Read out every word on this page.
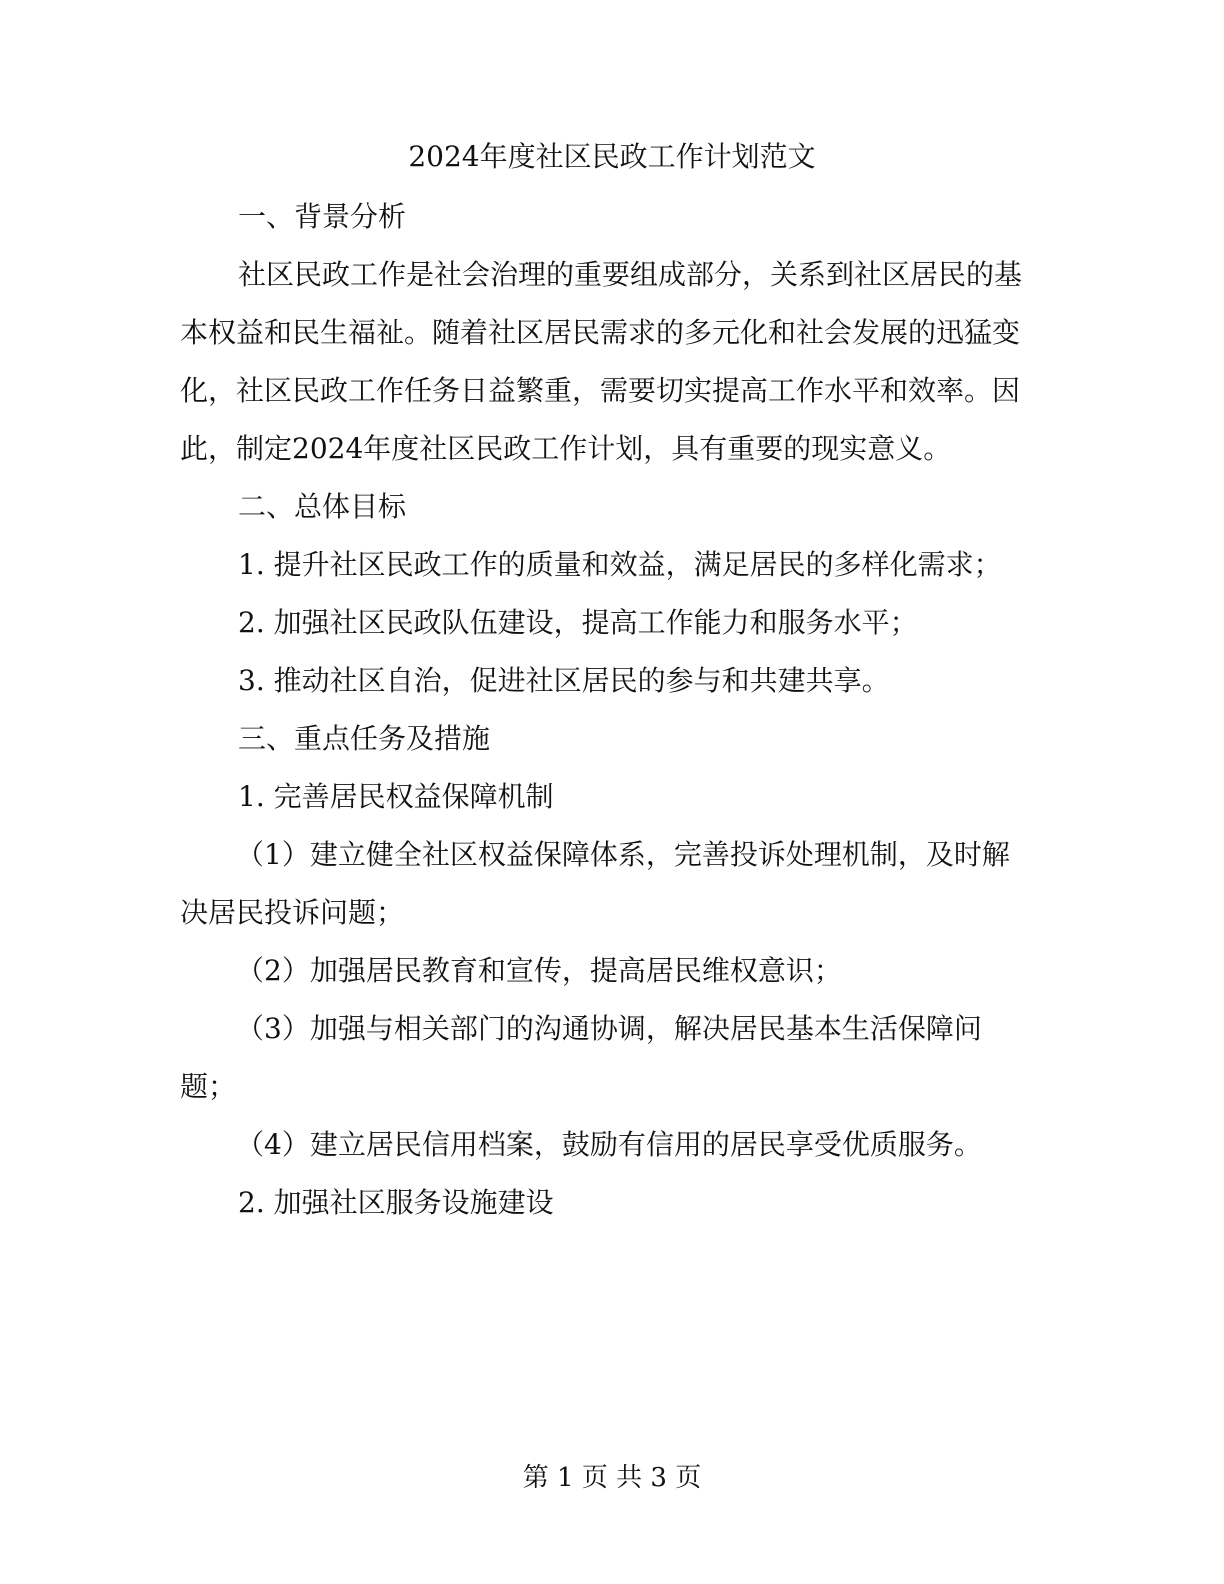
2024年度社区民政工作计划范文

一、背景分析

社区民政工作是社会治理的重要组成部分，关系到社区居民的基本权益和民生福祉。随着社区居民需求的多元化和社会发展的迅猛变化，社区民政工作任务日益繁重，需要切实提高工作水平和效率。因此，制定2024年度社区民政工作计划，具有重要的现实意义。

二、总体目标

1. 提升社区民政工作的质量和效益，满足居民的多样化需求；

2. 加强社区民政队伍建设，提高工作能力和服务水平；

3. 推动社区自治，促进社区居民的参与和共建共享。

三、重点任务及措施

1. 完善居民权益保障机制

（1）建立健全社区权益保障体系，完善投诉处理机制，及时解决居民投诉问题；

（2）加强居民教育和宣传，提高居民维权意识；

（3）加强与相关部门的沟通协调，解决居民基本生活保障问题；

（4）建立居民信用档案，鼓励有信用的居民享受优质服务。

2. 加强社区服务设施建设

第 1 页 共 3 页
